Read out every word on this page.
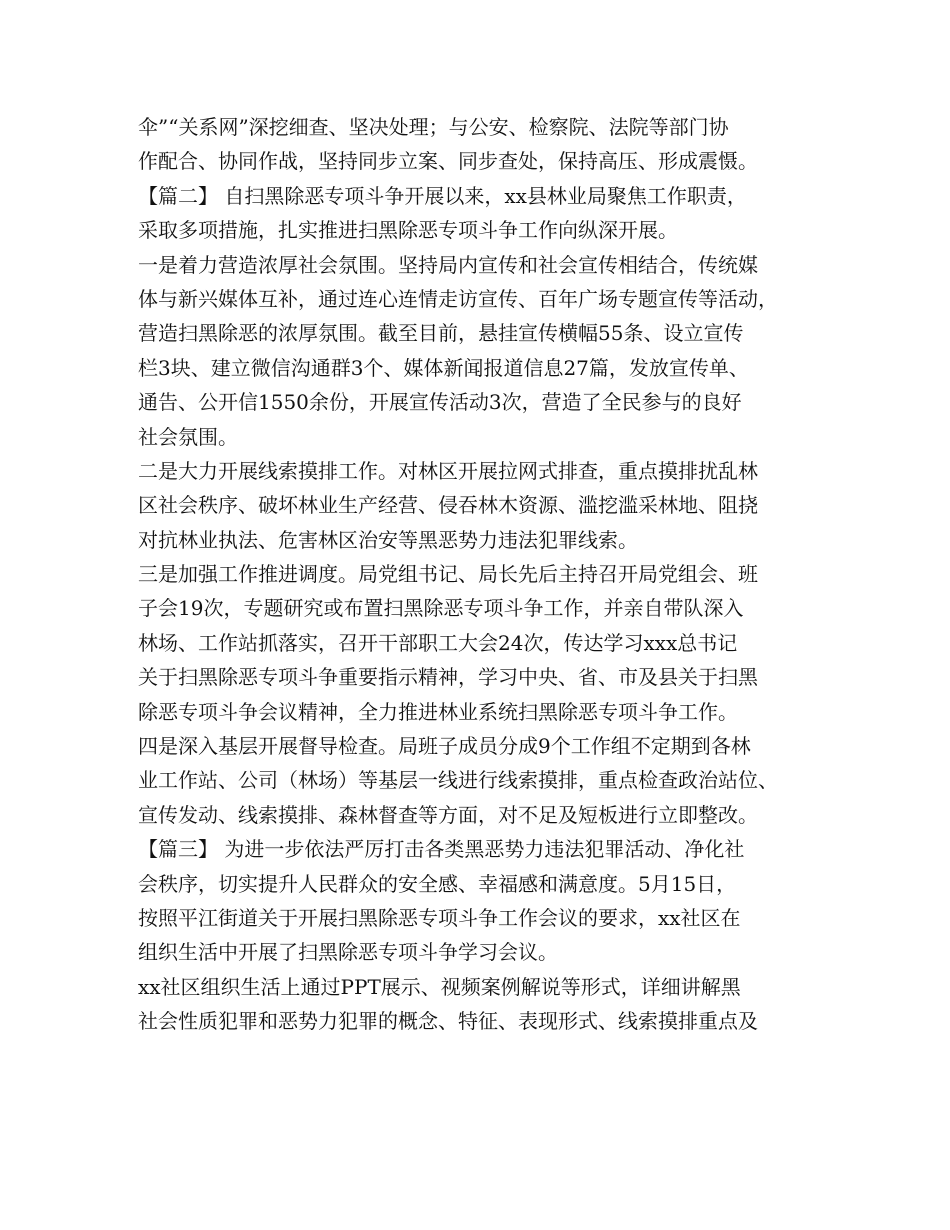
伞”“关系网”深挖细查、坚决处理；与公安、检察院、法院等部门协
作配合、协同作战，坚持同步立案、同步查处，保持高压、形成震慑。
【篇二】 自扫黑除恶专项斗争开展以来，xx县林业局聚焦工作职责，
采取多项措施，扎实推进扫黑除恶专项斗争工作向纵深开展。
一是着力营造浓厚社会氛围。坚持局内宣传和社会宣传相结合，传统媒
体与新兴媒体互补，通过连心连情走访宣传、百年广场专题宣传等活动，
营造扫黑除恶的浓厚氛围。截至目前，悬挂宣传横幅55条、设立宣传
栏3块、建立微信沟通群3个、媒体新闻报道信息27篇，发放宣传单、
通告、公开信1550余份，开展宣传活动3次，营造了全民参与的良好
社会氛围。
二是大力开展线索摸排工作。对林区开展拉网式排查，重点摸排扰乱林
区社会秩序、破坏林业生产经营、侵吞林木资源、滥挖滥采林地、阻挠
对抗林业执法、危害林区治安等黑恶势力违法犯罪线索。
三是加强工作推进调度。局党组书记、局长先后主持召开局党组会、班
子会19次，专题研究或布置扫黑除恶专项斗争工作，并亲自带队深入
林场、工作站抓落实，召开干部职工大会24次，传达学习xxx总书记
关于扫黑除恶专项斗争重要指示精神，学习中央、省、市及县关于扫黑
除恶专项斗争会议精神，全力推进林业系统扫黑除恶专项斗争工作。
四是深入基层开展督导检查。局班子成员分成9个工作组不定期到各林
业工作站、公司（林场）等基层一线进行线索摸排，重点检查政治站位、
宣传发动、线索摸排、森林督查等方面，对不足及短板进行立即整改。
【篇三】 为进一步依法严厉打击各类黑恶势力违法犯罪活动、净化社
会秩序，切实提升人民群众的安全感、幸福感和满意度。5月15日，
按照平江街道关于开展扫黑除恶专项斗争工作会议的要求，xx社区在
组织生活中开展了扫黑除恶专项斗争学习会议。
xx社区组织生活上通过PPT展示、视频案例解说等形式，详细讲解黑
社会性质犯罪和恶势力犯罪的概念、特征、表现形式、线索摸排重点及
